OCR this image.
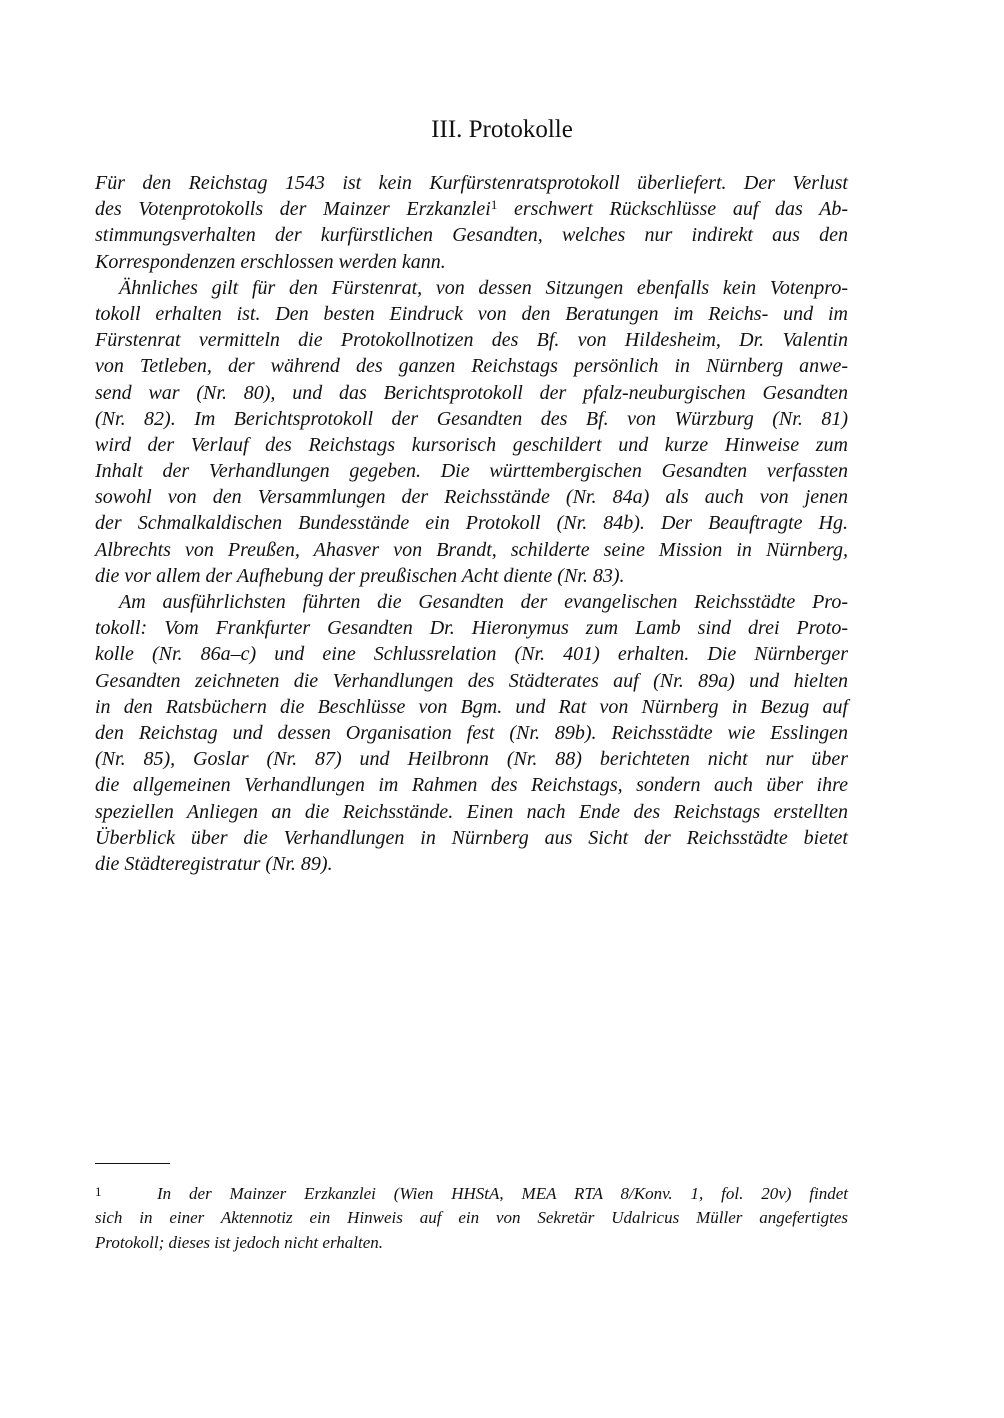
III. Protokolle
Für den Reichstag 1543 ist kein Kurfürstenratsprotokoll überliefert. Der Verlust
des Votenprotokolls der Mainzer Erzkanzlei$^1$ erschwert Rückschlüsse auf das Ab-
stimmungsverhalten der kurfürstlichen Gesandten, welches nur indirekt aus den
Korrespondenzen erschlossen werden kann.
Ähnliches gilt für den Fürstenrat, von dessen Sitzungen ebenfalls kein Votenpro-
tokoll erhalten ist. Den besten Eindruck von den Beratungen im Reichs- und im
Fürstenrat vermitteln die Protokollnotizen des Bf. von Hildesheim, Dr. Valentin
von Tetleben, der während des ganzen Reichstags persönlich in Nürnberg anwe-
send war (Nr. 80), und das Berichtsprotokoll der pfalz-neuburgischen Gesandten
(Nr. 82). Im Berichtsprotokoll der Gesandten des Bf. von Würzburg (Nr. 81)
wird der Verlauf des Reichstags kursorisch geschildert und kurze Hinweise zum
Inhalt der Verhandlungen gegeben. Die württembergischen Gesandten verfassten
sowohl von den Versammlungen der Reichsstände (Nr. 84a) als auch von jenen
der Schmalkaldischen Bundesstände ein Protokoll (Nr. 84b). Der Beauftragte Hg.
Albrechts von Preußen, Ahasver von Brandt, schilderte seine Mission in Nürnberg,
die vor allem der Aufhebung der preußischen Acht diente (Nr. 83).
Am ausführlichsten führten die Gesandten der evangelischen Reichsstädte Pro-
tokoll: Vom Frankfurter Gesandten Dr. Hieronymus zum Lamb sind drei Proto-
kolle (Nr. 86a–c) und eine Schlussrelation (Nr. 401) erhalten. Die Nürnberger
Gesandten zeichneten die Verhandlungen des Städterates auf (Nr. 89a) und hielten
in den Ratsbüchern die Beschlüsse von Bgm. und Rat von Nürnberg in Bezug auf
den Reichstag und dessen Organisation fest (Nr. 89b). Reichsstädte wie Esslingen
(Nr. 85), Goslar (Nr. 87) und Heilbronn (Nr. 88) berichteten nicht nur über
die allgemeinen Verhandlungen im Rahmen des Reichstags, sondern auch über ihre
speziellen Anliegen an die Reichsstände. Einen nach Ende des Reichstags erstellten
Überblick über die Verhandlungen in Nürnberg aus Sicht der Reichsstädte bietet
die Städteregistratur (Nr. 89).
1	In der Mainzer Erzkanzlei (Wien HHStA, MEA RTA 8/Konv. 1, fol. 20v) findet
sich in einer Aktennotiz ein Hinweis auf ein von Sekretär Udalricus Müller angefertigtes
Protokoll; dieses ist jedoch nicht erhalten.
